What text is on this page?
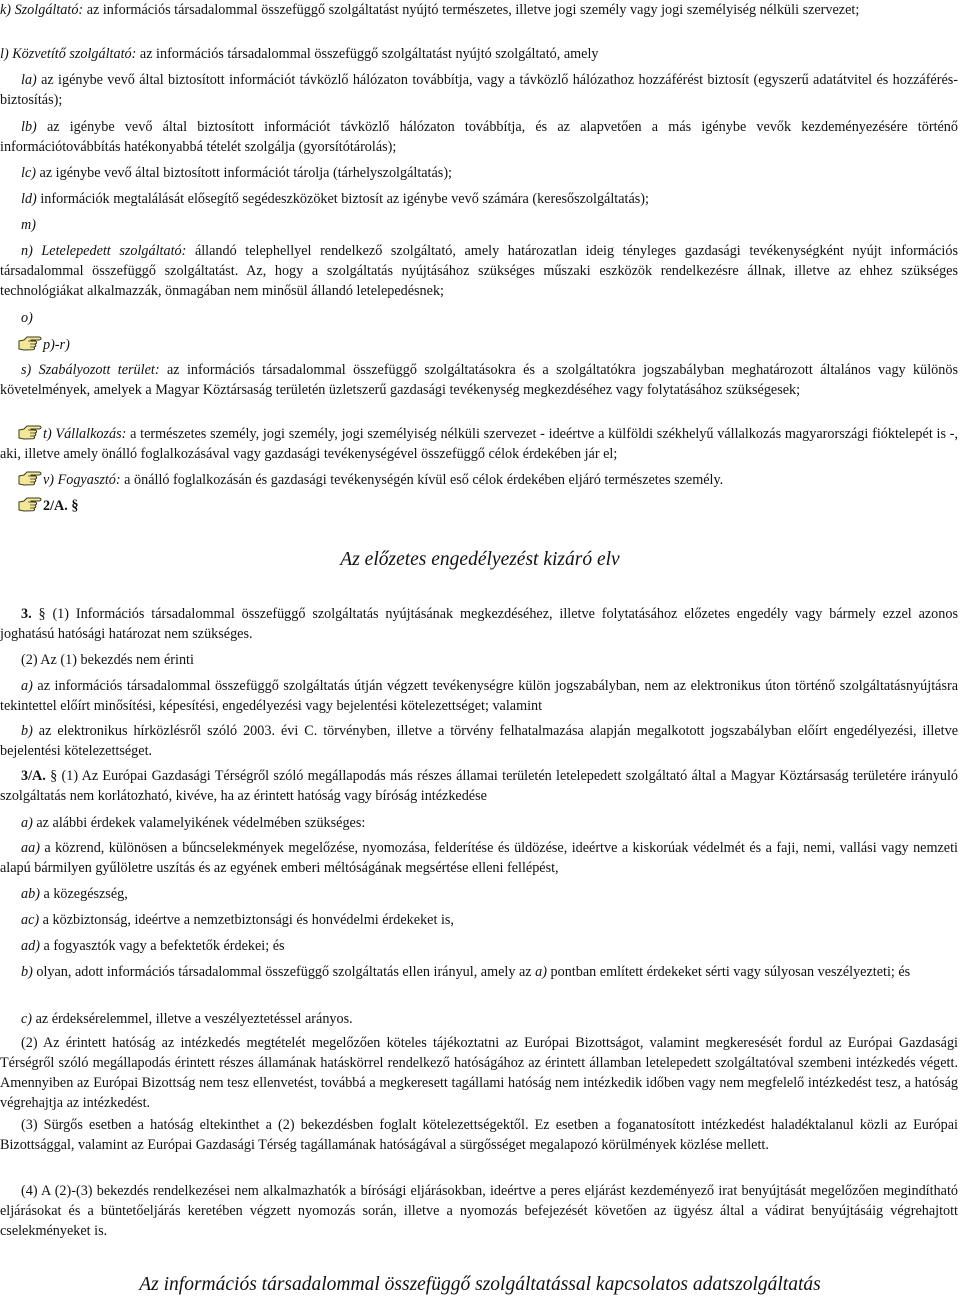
k) Szolgáltató: az információs társadalommal összefüggő szolgáltatást nyújtó természetes, illetve jogi személy vagy jogi személyiség nélküli szervezet;

l) Közvetítő szolgáltató: az információs társadalommal összefüggő szolgáltatást nyújtó szolgáltató, amely

la) az igénybe vevő által biztosított információt távközlő hálózaton továbbítja, vagy a távközlő hálózathoz hozzáférést biztosít (egyszerű adatátvitel és hozzáférés-biztosítás);

lb) az igénybe vevő által biztosított információt távközlő hálózaton továbbítja, és az alapvetően a más igénybe vevők kezdeményezésére történő információtovábbítás hatékonyabbá tételét szolgálja (gyorsítótárolás);

lc) az igénybe vevő által biztosított információt tárolja (tárhelyszolgáltatás);

ld) információk megtalálását elősegítő segédeszközöket biztosít az igénybe vevő számára (keresőszolgáltatás);

m)

n) Letelepedett szolgáltató: állandó telephellyel rendelkező szolgáltató, amely határozatlan ideig tényleges gazdasági tevékenységként nyújt információs társadalommal összefüggő szolgáltatást. Az, hogy a szolgáltatás nyújtásához szükséges műszaki eszközök rendelkezésre állnak, illetve az ehhez szükséges technológiákat alkalmazzák, önmagában nem minősül állandó letelepedésnek;

o)

p)-r)

s) Szabályozott terület: az információs társadalommal összefüggő szolgáltatásokra és a szolgáltatókra jogszabályban meghatározott általános vagy különös követelmények, amelyek a Magyar Köztársaság területén üzletszerű gazdasági tevékenység megkezdéséhez vagy folytatásához szükségesek;

t) Vállalkozás: a természetes személy, jogi személy, jogi személyiség nélküli szervezet - ideértve a külföldi székhelyű vállalkozás magyarországi fióktelepét is -, aki, illetve amely önálló foglalkozásával vagy gazdasági tevékenységével összefüggő célok érdekében jár el;

v) Fogyasztó: a önálló foglalkozásán és gazdasági tevékenységén kívül eső célok érdekében eljáró természetes személy.

2/A. §

Az előzetes engedélyezést kizáró elv

3. § (1) Információs társadalommal összefüggő szolgáltatás nyújtásának megkezdéséhez, illetve folytatásához előzetes engedély vagy bármely ezzel azonos joghatású hatósági határozat nem szükséges.

(2) Az (1) bekezdés nem érinti

a) az információs társadalommal összefüggő szolgáltatás útján végzett tevékenységre külön jogszabályban, nem az elektronikus úton történő szolgáltatásnyújtásra tekintettel előírt minősítési, képesítési, engedélyezési vagy bejelentési kötelezettséget; valamint

b) az elektronikus hírközlésről szóló 2003. évi C. törvényben, illetve a törvény felhatalmazása alapján megalkotott jogszabályban előírt engedélyezési, illetve bejelentési kötelezettséget.

3/A. § (1) Az Európai Gazdasági Térségről szóló megállapodás más részes államai területén letelepedett szolgáltató által a Magyar Köztársaság területére irányuló szolgáltatás nem korlátozható, kivéve, ha az érintett hatóság vagy bíróság intézkedése

a) az alábbi érdekek valamelyikének védelmében szükséges:

aa) a közrend, különösen a bűncselekmények megelőzése, nyomozása, felderítése és üldözése, ideértve a kiskorúak védelmét és a faji, nemi, vallási vagy nemzeti alapú bármilyen gyűlöletre uszítás és az egyének emberi méltóságának megsértése elleni fellépést,

ab) a közegészség,

ac) a közbiztonság, ideértve a nemzetbiztonsági és honvédelmi érdekeket is,

ad) a fogyasztók vagy a befektetők érdekei; és

b) olyan, adott információs társadalommal összefüggő szolgáltatás ellen irányul, amely az a) pontban említett érdekeket sérti vagy súlyosan veszélyezteti; és

c) az érdeksérelemmel, illetve a veszélyeztetéssel arányos.

(2) Az érintett hatóság az intézkedés megtételét megelőzően köteles tájékoztatni az Európai Bizottságot, valamint megkeresését fordul az Európai Gazdasági Térségről szóló megállapodás érintett részes államának hatáskörrel rendelkező hatóságához az érintett államban letelepedett szolgáltatóval szembeni intézkedés végett. Amennyiben az Európai Bizottság nem tesz ellenvetést, továbbá a megkeresett tagállami hatóság nem intézkedik időben vagy nem megfelelő intézkedést tesz, a hatóság végrehajtja az intézkedést.

(3) Sürgős esetben a hatóság eltekinthet a (2) bekezdésben foglalt kötelezettségektől. Ez esetben a foganatosított intézkedést haladéktalanul közli az Európai Bizottsággal, valamint az Európai Gazdasági Térség tagállamának hatóságával a sürgősséget megalapozó körülmények közlése mellett.

(4) A (2)-(3) bekezdés rendelkezései nem alkalmazhatók a bírósági eljárásokban, ideértve a peres eljárást kezdeményező irat benyújtását megelőzően megindítható eljárásokat és a büntetőeljárás keretében végzett nyomozás során, illetve a nyomozás befejezését követően az ügyész által a vádirat benyújtásáig végrehajtott cselekményeket is.

Az információs társadalommal összefüggő szolgáltatással kapcsolatos adatszolgáltatás
